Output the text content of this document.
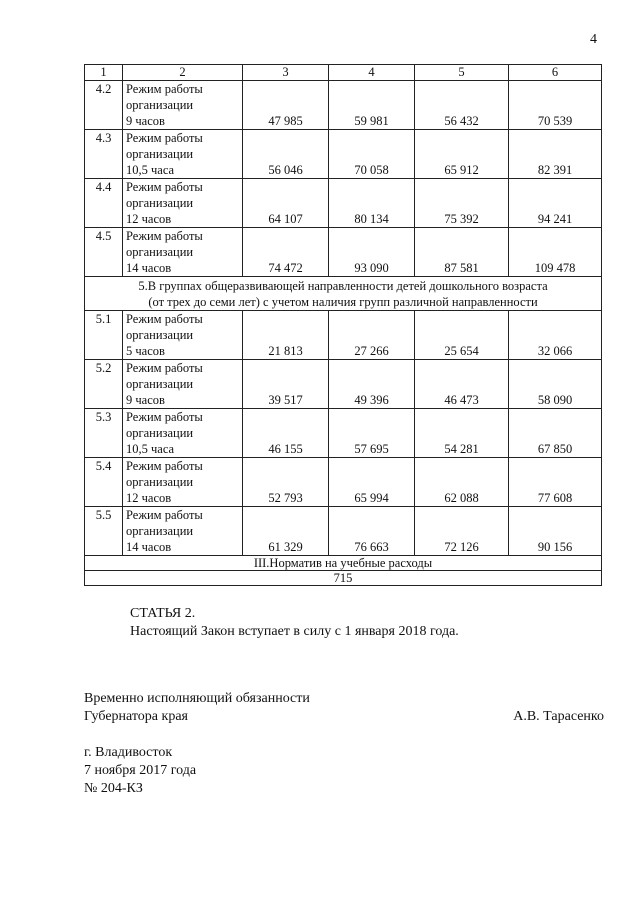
4
1	2	3	4	5	6
4.2	Режим работы
организации
9 часов	47 985	59 981	56 432	70 539
4.3	Режим работы
организации
10,5 часа	56 046	70 058	65 912	82 391
4.4	Режим работы
организации
12 часов	64 107	80 134	75 392	94 241
4.5	Режим работы
организации
14 часов	74 472	93 090	87 581	109 478

5.В группах общеразвивающей направленности детей дошкольного возраста
(от трех до семи лет) с учетом наличия групп различной направленности					

5.1	Режим работы
организации
5 часов	21 813	27 266	25 654	32 066
5.2	Режим работы
организации
9 часов	39 517	49 396	46 473	58 090
5.3	Режим работы
организации
10,5 часа	46 155	57 695	54 281	67 850
5.4	Режим работы
организации
12 часов	52 793	65 994	62 088	77 608
5.5	Режим работы
организации
14 часов	61 329	76 663	72 126	90 156
III.Норматив на учебные расходы					
715					
СТАТЬЯ 2.
Настоящий Закон вступает в силу с 1 января 2018 года.
Временно исполняющий обязанности
Губернатора края	А.В. Тарасенко
г. Владивосток
7 ноября 2017 года
№ 204-КЗ
